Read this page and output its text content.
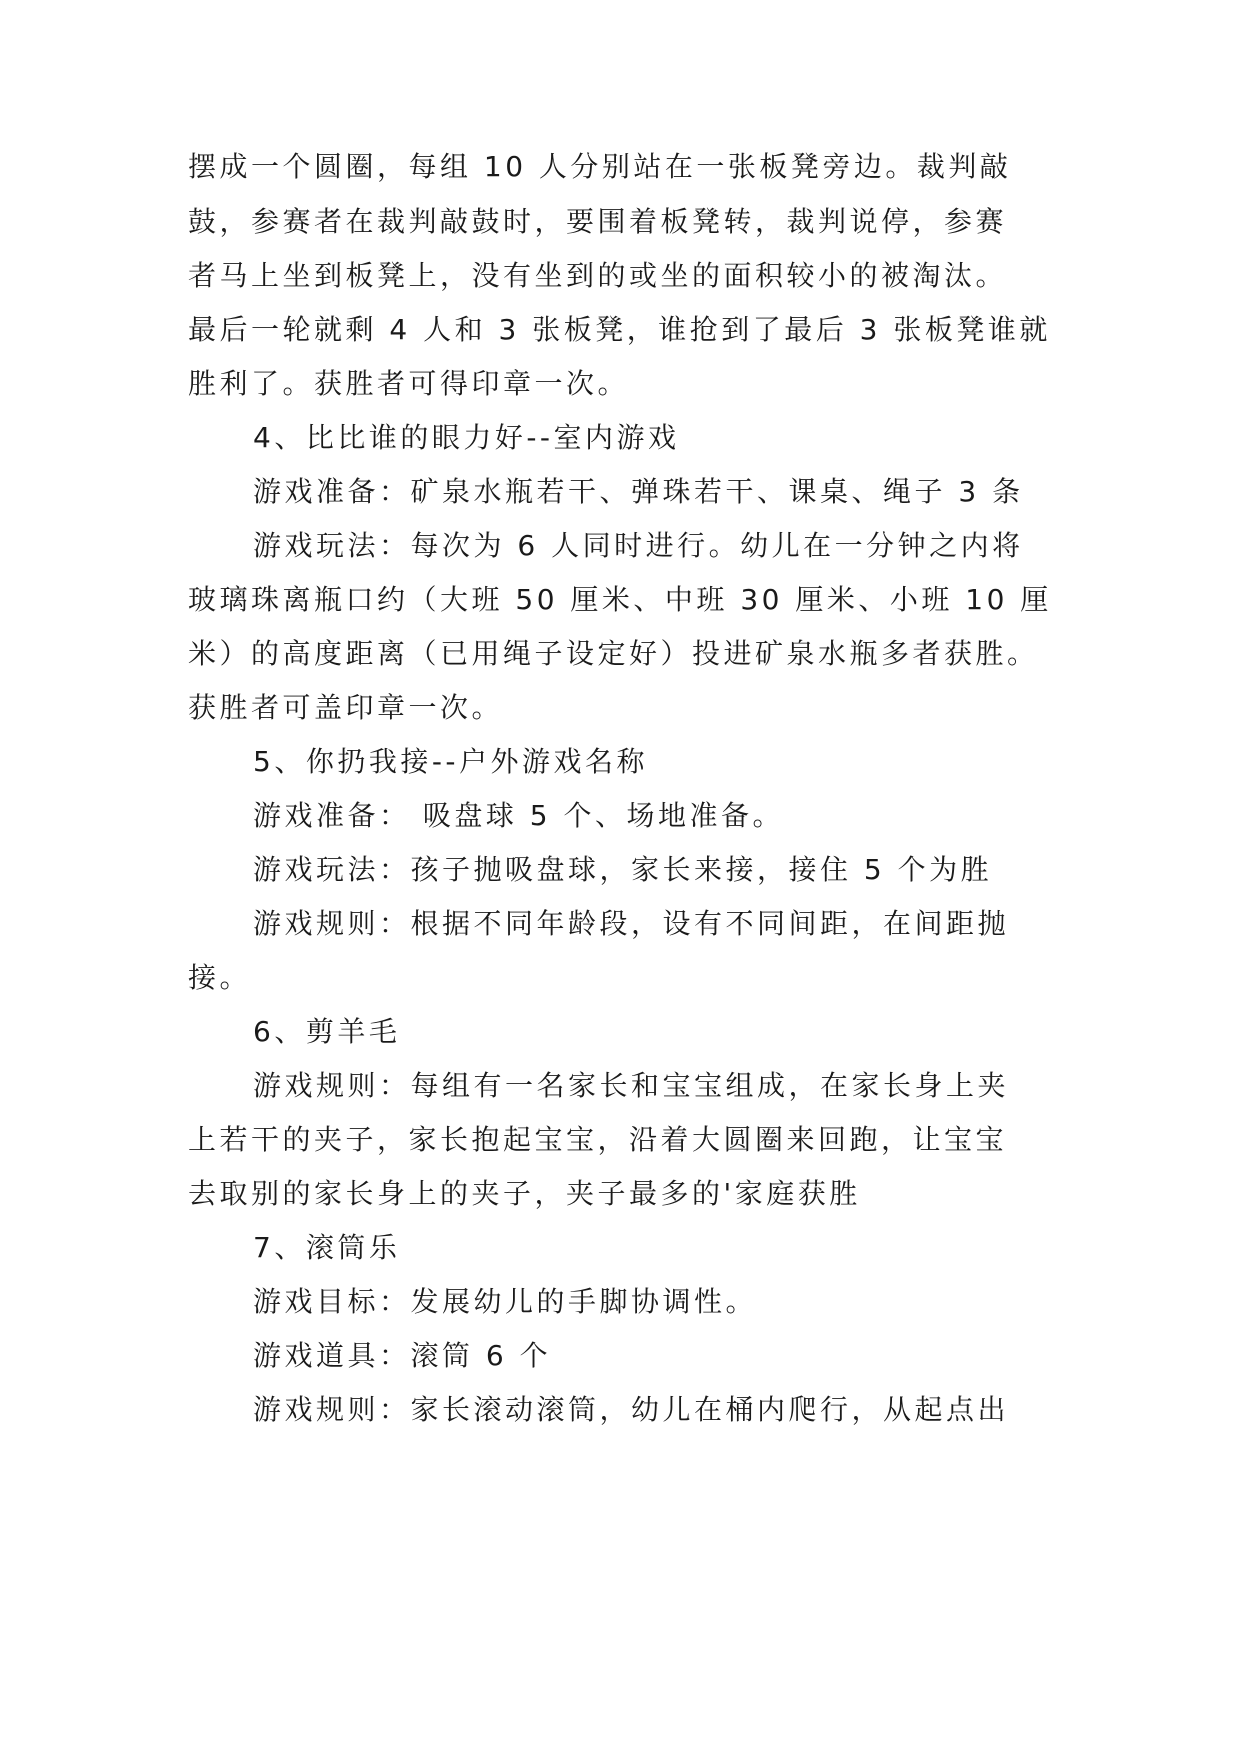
摆成一个圆圈，每组 10 人分别站在一张板凳旁边。裁判敲
鼓，参赛者在裁判敲鼓时，要围着板凳转，裁判说停，参赛
者马上坐到板凳上，没有坐到的或坐的面积较小的被淘汰。
最后一轮就剩 4 人和 3 张板凳，谁抢到了最后 3 张板凳谁就
胜利了。获胜者可得印章一次。
4、比比谁的眼力好--室内游戏
游戏准备：矿泉水瓶若干、弹珠若干、课桌、绳子 3 条
游戏玩法：每次为 6 人同时进行。幼儿在一分钟之内将
玻璃珠离瓶口约（大班 50 厘米、中班 30 厘米、小班 10 厘
米）的高度距离（已用绳子设定好）投进矿泉水瓶多者获胜。
获胜者可盖印章一次。
5、你扔我接--户外游戏名称
游戏准备： 吸盘球 5 个、场地准备。
游戏玩法：孩子抛吸盘球，家长来接，接住 5 个为胜
游戏规则：根据不同年龄段，设有不同间距，在间距抛
接。
6、剪羊毛
游戏规则：每组有一名家长和宝宝组成，在家长身上夹
上若干的夹子，家长抱起宝宝，沿着大圆圈来回跑，让宝宝
去取别的家长身上的夹子，夹子最多的'家庭获胜
7、滚筒乐
游戏目标：发展幼儿的手脚协调性。
游戏道具：滚筒 6 个
游戏规则：家长滚动滚筒，幼儿在桶内爬行，从起点出
